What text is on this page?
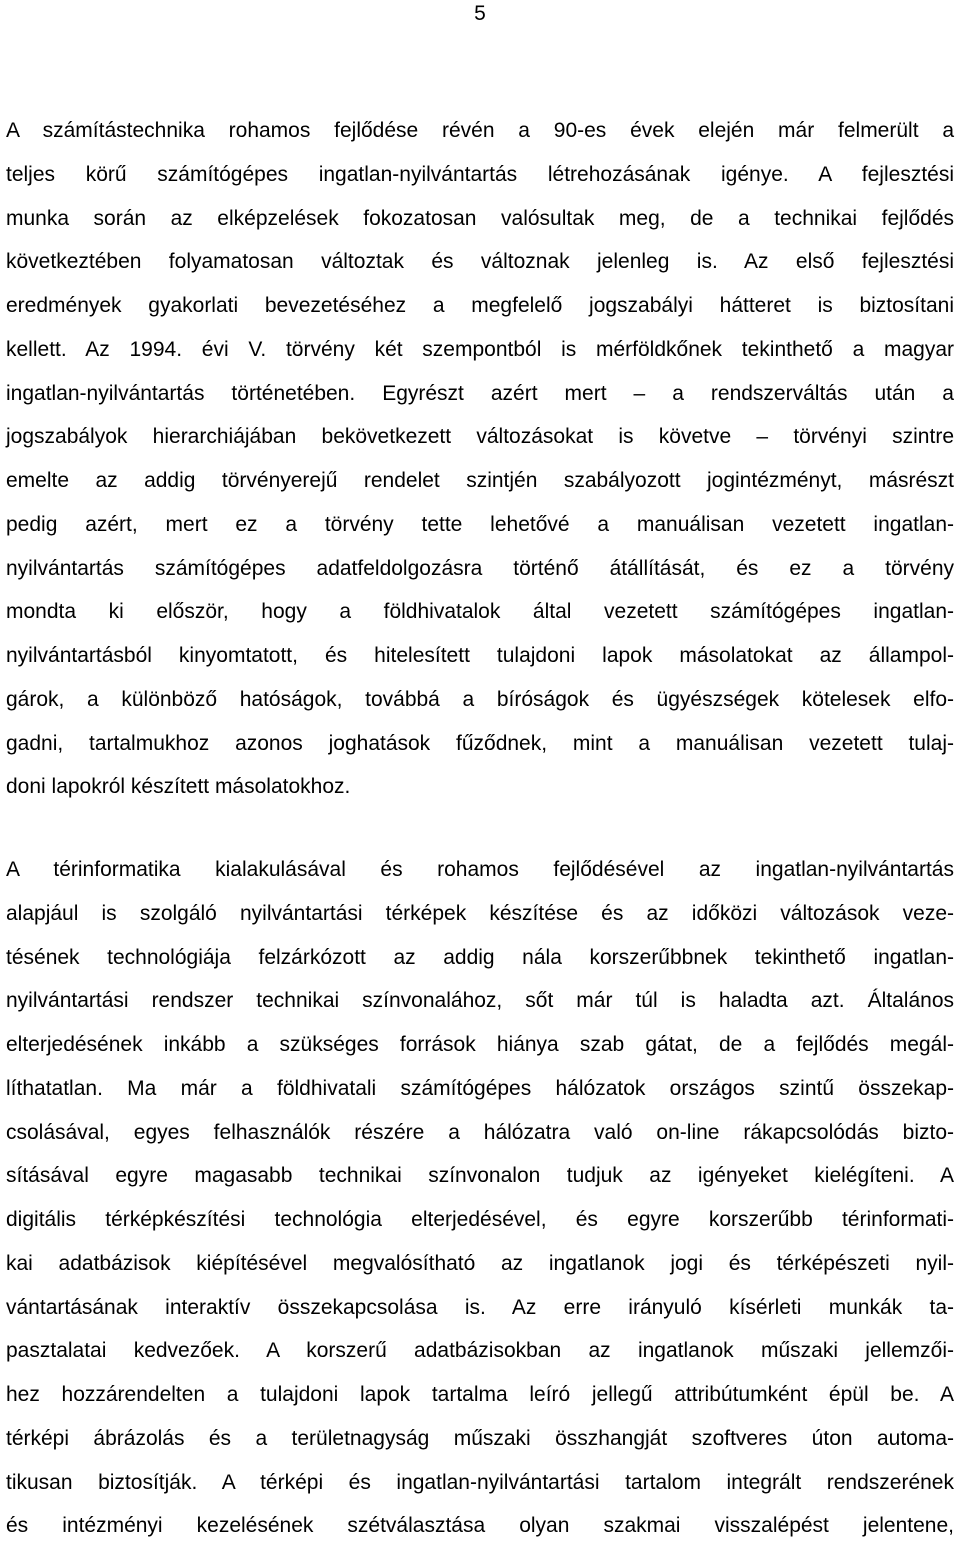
5
A számítástechnika rohamos fejlődése révén a 90-es évek elején már felmerült a
teljes körű számítógépes ingatlan-nyilvántartás létrehozásának igénye. A fejlesztési
munka során az elképzelések fokozatosan valósultak meg, de a technikai fejlődés
következtében folyamatosan változtak és változnak jelenleg is. Az első fejlesztési
eredmények gyakorlati bevezetéséhez a megfelelő jogszabályi hátteret is biztosítani
kellett. Az 1994. évi V. törvény két szempontból is mérföldkőnek tekinthető a magyar
ingatlan-nyilvántartás történetében. Egyrészt azért mert – a rendszerváltás után a
jogszabályok hierarchiájában bekövetkezett változásokat is követve – törvényi szintre
emelte az addig törvényerejű rendelet szintjén szabályozott jogintézményt, másrészt
pedig azért, mert ez a törvény tette lehetővé a manuálisan vezetett ingatlan-
nyilvántartás számítógépes adatfeldolgozásra történő átállítását, és ez a törvény
mondta ki először, hogy a földhivatalok által vezetett számítógépes ingatlan-
nyilvántartásból kinyomtatott, és hitelesített tulajdoni lapok másolatokat az állampol-
gárok, a különböző hatóságok, továbbá a bíróságok és ügyészségek kötelesek elfo-
gadni, tartalmukhoz azonos joghatások fűződnek, mint a manuálisan vezetett tulaj-
doni lapokról készített másolatokhoz.
A térinformatika kialakulásával és rohamos fejlődésével az ingatlan-nyilvántartás
alapjául is szolgáló nyilvántartási térképek készítése és az időközi változások veze-
tésének technológiája felzárkózott az addig nála korszerűbbnek tekinthető ingatlan-
nyilvántartási rendszer technikai színvonalához, sőt már túl is haladta azt. Általános
elterjedésének inkább a szükséges források hiánya szab gátat, de a fejlődés megál-
líthatatlan. Ma már a földhivatali számítógépes hálózatok országos szintű összekap-
csolásával, egyes felhasználók részére a hálózatra való on-line rákapcsolódás bizto-
sításával egyre magasabb technikai színvonalon tudjuk az igényeket kielégíteni. A
digitális térképkészítési technológia elterjedésével, és egyre korszerűbb térinformati-
kai adatbázisok kiépítésével megvalósítható az ingatlanok jogi és térképészeti nyil-
vántartásának interaktív összekapcsolása is. Az erre irányuló kísérleti munkák ta-
pasztalatai kedvezőek. A korszerű adatbázisokban az ingatlanok műszaki jellemzői-
hez hozzárendelten a tulajdoni lapok tartalma leíró jellegű attribútumként épül be. A
térképi ábrázolás és a területnagyság műszaki összhangját szoftveres úton automa-
tikusan biztosítják. A térképi és ingatlan-nyilvántartási tartalom integrált rendszerének
és intézményi kezelésének szétválasztása olyan szakmai visszalépést jelentene,
